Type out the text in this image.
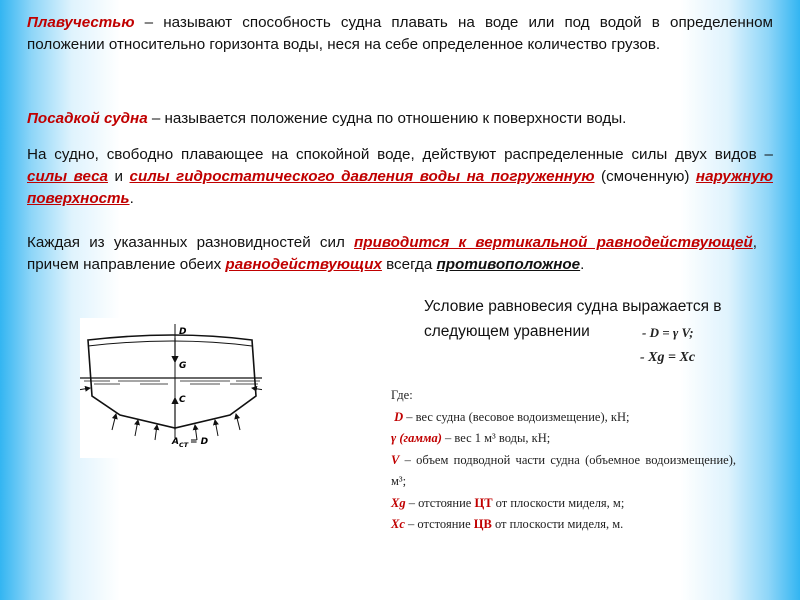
Плавучестью – называют способность судна плавать на воде или под водой в определенном положении относительно горизонта воды, неся на себе определенное количество грузов.
Посадкой судна – называется положение судна по отношению к поверхности воды.
На судно, свободно плавающее на спокойной воде, действуют распределенные силы двух видов – силы веса и силы гидростатического давления воды на погруженную (смоченную) наружную поверхность.
Каждая из указанных разновидностей сил приводится к вертикальной равнодействующей, причем направление обеих равнодействующих всегда противоположное.
Условие равновесия судна выражается в следующем уравнении	- D = γ V;
- Xg = Xc
Где:
D – вес судна (весовое водоизмещение), кН;
γ (гамма) – вес 1 м³ воды, кН;
V – объем подводной части судна (объемное водоизмещение), м³;
Xg – отстояние ЦТ от плоскости миделя, м;
Xc – отстояние ЦВ от плоскости миделя, м.
D
G
C
A CT = D
